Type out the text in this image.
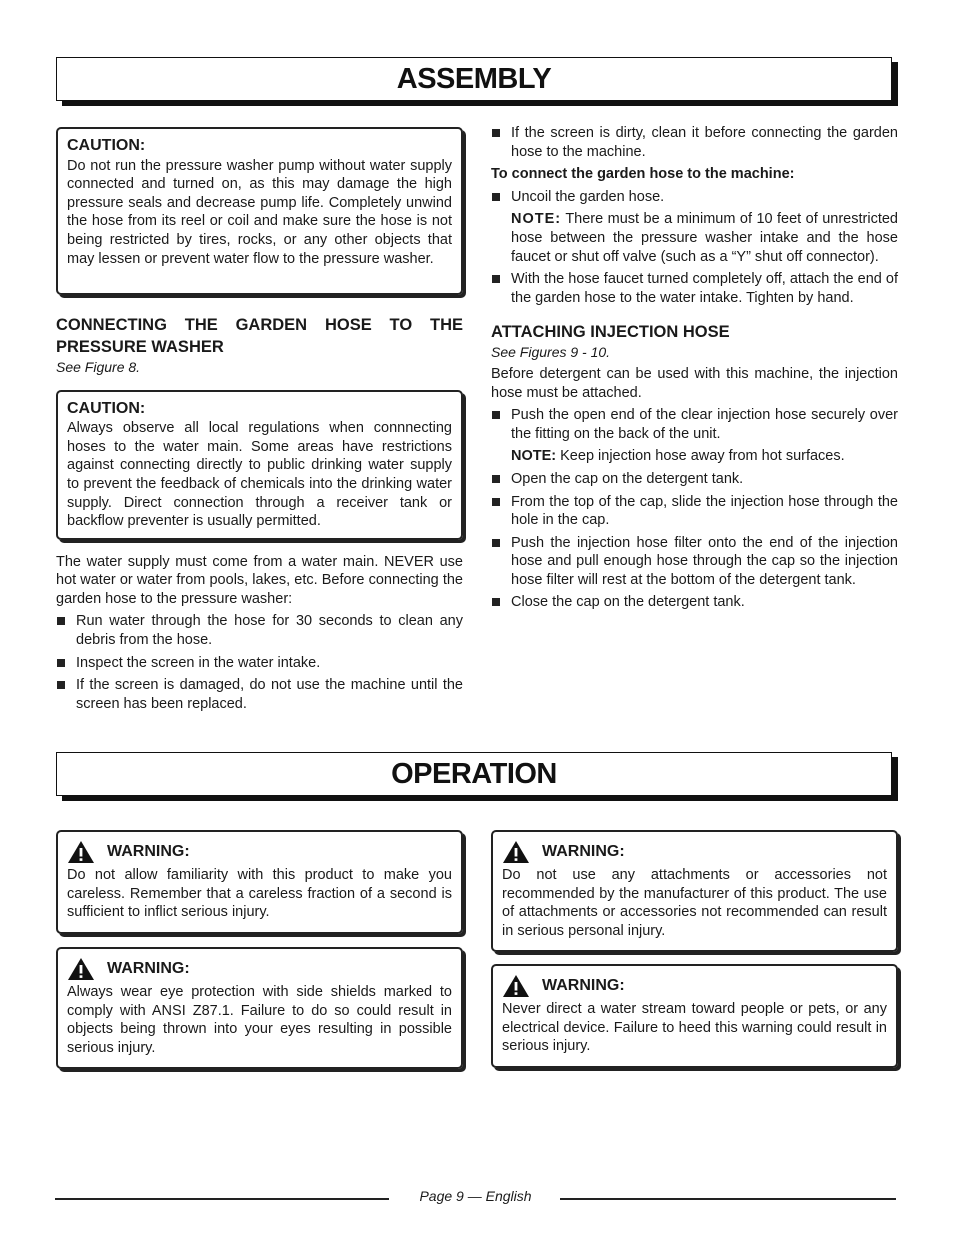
ASSEMBLY
CAUTION:

Do not run the pressure washer pump without water supply connected and turned on, as this may damage the high pressure seals and decrease pump life. Completely unwind the hose from its reel or coil and make sure the hose is not being restricted by tires, rocks, or any other objects that may lessen or prevent water flow to the pressure washer.

CONNECTING THE GARDEN HOSE TO THE PRESSURE WASHER

See Figure 8.

CAUTION:

Always observe all local regulations when connnecting hoses to the water main. Some areas have restrictions against connecting directly to public drinking water supply to prevent the feedback of chemicals into the drinking water supply. Direct connection through a receiver tank or backflow preventer is usually permitted.

The water supply must come from a water main. NEVER use hot water or water from pools, lakes, etc. Before connecting the garden hose to the pressure washer:

Run water through the hose for 30 seconds to clean any debris from the hose.
Inspect the screen in the water intake.
If the screen is damaged, do not use the machine until the screen has been replaced.
If the screen is dirty, clean it before connecting the garden hose to the machine.

To connect the garden hose to the machine:

Uncoil the garden hose.

NOTE: There must be a minimum of 10 feet of unrestricted hose between the pressure washer intake and the hose faucet or shut off valve (such as a “Y” shut off connector).

With the hose faucet turned completely off, attach the end of the garden hose to the water intake. Tighten by hand.
ATTACHING INJECTION HOSE

See Figures 9 - 10.

Before detergent can be used with this machine, the injection hose must be attached.

Push the open end of the clear injection hose securely over the fitting on the back of the unit.

NOTE: Keep injection hose away from hot surfaces.

Open the cap on the detergent tank.
From the top of the cap, slide the injection hose through the hole in the cap.
Push the injection hose filter onto the end of the injection hose and pull enough hose through the cap so the injection hose filter will rest at the bottom of the detergent tank.
Close the cap on the detergent tank.
OPERATION
WARNING:

Do not allow familiarity with this product to make you careless. Remember that a careless fraction of a second is sufficient to inflict serious injury.

WARNING:

Always wear eye protection with side shields marked to comply with ANSI Z87.1. Failure to do so could result in objects being thrown into your eyes resulting in possible serious injury.

WARNING:

Do not use any attachments or accessories not recommended by the manufacturer of this product. The use of attachments or accessories not recommended can result in serious personal injury.

WARNING:

Never direct a water stream toward people or pets, or any electrical device. Failure to heed this warning could result in serious injury.

Page 9 — English
